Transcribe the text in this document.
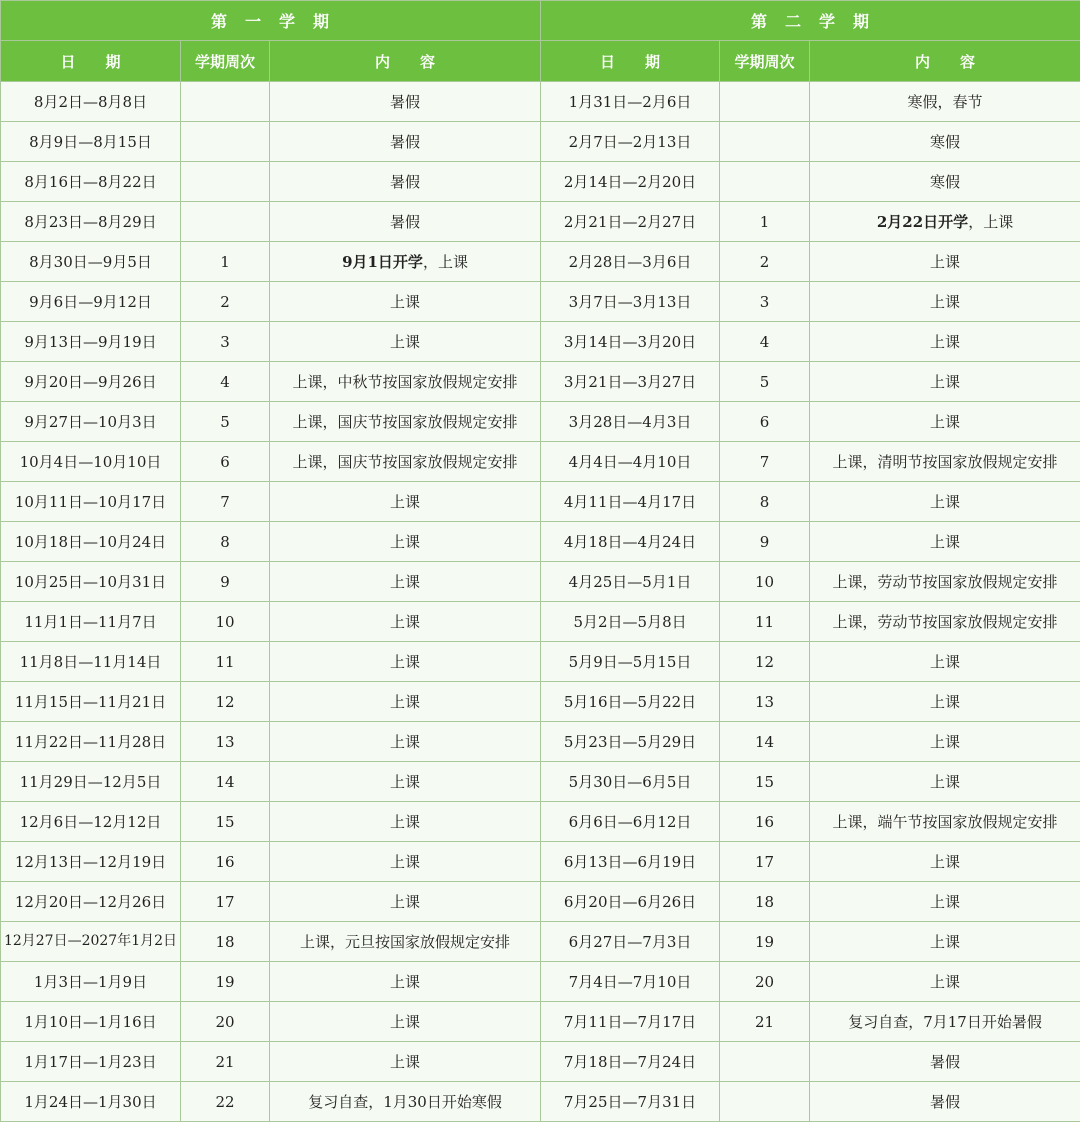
第　一　学　期			第　二　学　期		
日　　期	学期周次	内　　容	日　　期	学期周次	内　　容
8月2日—8月8日		暑假	1月31日—2月6日		寒假，春节
8月9日—8月15日		暑假	2月7日—2月13日		寒假
8月16日—8月22日		暑假	2月14日—2月20日		寒假
8月23日—8月29日		暑假	2月21日—2月27日	1	2月22日开学，上课
8月30日—9月5日	1	9月1日开学，上课	2月28日—3月6日	2	上课
9月6日—9月12日	2	上课	3月7日—3月13日	3	上课
9月13日—9月19日	3	上课	3月14日—3月20日	4	上课
9月20日—9月26日	4	上课，中秋节按国家放假规定安排	3月21日—3月27日	5	上课
9月27日—10月3日	5	上课，国庆节按国家放假规定安排	3月28日—4月3日	6	上课
10月4日—10月10日	6	上课，国庆节按国家放假规定安排	4月4日—4月10日	7	上课，清明节按国家放假规定安排
10月11日—10月17日	7	上课	4月11日—4月17日	8	上课
10月18日—10月24日	8	上课	4月18日—4月24日	9	上课
10月25日—10月31日	9	上课	4月25日—5月1日	10	上课，劳动节按国家放假规定安排
11月1日—11月7日	10	上课	5月2日—5月8日	11	上课，劳动节按国家放假规定安排
11月8日—11月14日	11	上课	5月9日—5月15日	12	上课
11月15日—11月21日	12	上课	5月16日—5月22日	13	上课
11月22日—11月28日	13	上课	5月23日—5月29日	14	上课
11月29日—12月5日	14	上课	5月30日—6月5日	15	上课
12月6日—12月12日	15	上课	6月6日—6月12日	16	上课，端午节按国家放假规定安排
12月13日—12月19日	16	上课	6月13日—6月19日	17	上课
12月20日—12月26日	17	上课	6月20日—6月26日	18	上课
12月27日—2027年1月2日	18	上课，元旦按国家放假规定安排	6月27日—7月3日	19	上课
1月3日—1月9日	19	上课	7月4日—7月10日	20	上课
1月10日—1月16日	20	上课	7月11日—7月17日	21	复习自查，7月17日开始暑假
1月17日—1月23日	21	上课	7月18日—7月24日		暑假
1月24日—1月30日	22	复习自查，1月30日开始寒假	7月25日—7月31日		暑假
